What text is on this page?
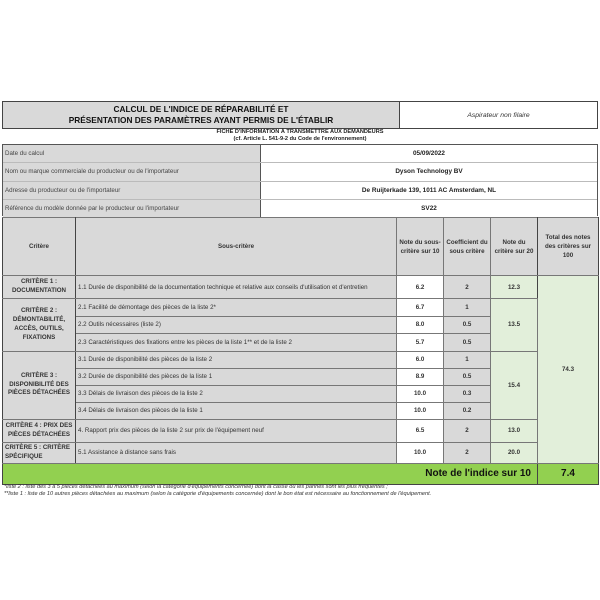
CALCUL DE L'INDICE DE RÉPARABILITÉ ET
PRÉSENTATION DES PARAMÈTRES AYANT PERMIS DE L'ÉTABLIR	Aspirateur non filaire
FICHE D'INFORMATION À TRANSMETTRE AUX DEMANDEURS
(cf. Article L. 541-9-2 du Code de l'environnement)
Date du calcul	05/09/2022
Nom ou marque commerciale du producteur ou de l'importateur	Dyson Technology BV
Adresse du producteur ou de l'importateur	De Ruijterkade 139, 1011 AC Amsterdam, NL
Référence du modèle donnée par le producteur ou l'importateur	SV22
Critère	Sous-critère	Note du sous-critère sur 10	Coefficient du sous critère	Note du critère sur 20	Total des notes des critères sur 100
CRITÈRE 1 : DOCUMENTATION	1.1 Durée de disponibilité de la documentation technique et relative aux conseils d'utilisation et d'entretien	6.2	2	12.3	74.3
CRITÈRE 2 : DÉMONTABILITÉ, ACCÈS, OUTILS, FIXATIONS	2.1 Facilité de démontage des pièces de la liste 2*	6.7	1	13.5	
	2.2 Outils nécessaires (liste 2)	8.0	0.5		
	2.3 Caractéristiques des fixations entre les pièces de la liste 1** et de la liste 2	5.7	0.5		
CRITÈRE 3 : DISPONIBILITÉ DES PIÈCES DÉTACHÉES	3.1 Durée de disponibilité des pièces de la liste 2	6.0	1	15.4	
	3.2 Durée de disponibilité des pièces de la liste 1	8.9	0.5		
	3.3 Délais de livraison des pièces de la liste 2	10.0	0.3		
	3.4 Délais de livraison des pièces de la liste 1	10.0	0.2		
CRITÈRE 4 : PRIX DES PIÈCES DÉTACHÉES	4. Rapport prix des pièces de la liste 2 sur prix de l'équipement neuf	6.5	2	13.0	
CRITÈRE 5 : CRITÈRE SPÉCIFIQUE	5.1 Assistance à distance sans frais	10.0	2	20.0	
Note de l'indice sur 10					7.4
*liste 2 : liste des 3 à 5 pièces détachées au maximum (selon la catégorie d'équipements concernée) dont la casse ou les pannes sont les plus fréquentes ;
**liste 1 : liste de 10 autres pièces détachées au maximum (selon la catégorie d'équipements concernée) dont le bon état est nécessaire au fonctionnement de l'équipement.
